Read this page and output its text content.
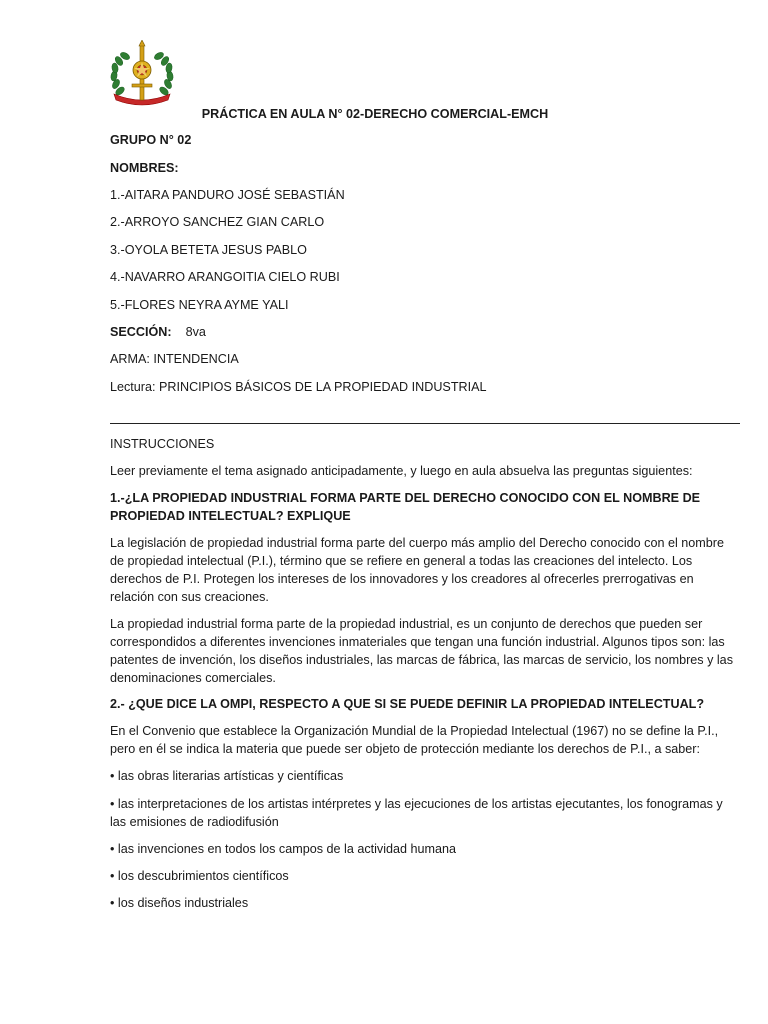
PRÁCTICA EN AULA N° 02-DERECHO COMERCIAL-EMCH
GRUPO N° 02
NOMBRES:
1.-AITARA PANDURO JOSÉ SEBASTIÁN
2.-ARROYO SANCHEZ GIAN CARLO
3.-OYOLA BETETA JESUS PABLO
4.-NAVARRO ARANGOITIA CIELO RUBI
5.-FLORES NEYRA AYME YALI
SECCIÓN: 8va
ARMA: INTENDENCIA
Lectura: PRINCIPIOS BÁSICOS DE LA PROPIEDAD INDUSTRIAL
INSTRUCCIONES
Leer previamente el tema asignado anticipadamente, y luego en aula absuelva las preguntas siguientes:
1.-¿LA PROPIEDAD INDUSTRIAL FORMA PARTE DEL DERECHO CONOCIDO CON EL NOMBRE DE PROPIEDAD INTELECTUAL? EXPLIQUE
La legislación de propiedad industrial forma parte del cuerpo más amplio del Derecho conocido con el nombre de propiedad intelectual (P.I.), término que se refiere en general a todas las creaciones del intelecto. Los derechos de P.I. Protegen los intereses de los innovadores y los creadores al ofrecerles prerrogativas en relación con sus creaciones.
La propiedad industrial forma parte de la propiedad industrial, es un conjunto de derechos que pueden ser correspondidos a diferentes invenciones inmateriales que tengan una función industrial. Algunos tipos son: las patentes de invención, los diseños industriales, las marcas de fábrica, las marcas de servicio, los nombres y las denominaciones comerciales.
2.- ¿QUE DICE LA OMPI, RESPECTO A QUE SI SE PUEDE DEFINIR LA PROPIEDAD INTELECTUAL?
En el Convenio que establece la Organización Mundial de la Propiedad Intelectual (1967) no se define la P.I., pero en él se indica la materia que puede ser objeto de protección mediante los derechos de P.I., a saber:
• las obras literarias artísticas y científicas
• las interpretaciones de los artistas intérpretes y las ejecuciones de los artistas ejecutantes, los fonogramas y las emisiones de radiodifusión
• las invenciones en todos los campos de la actividad humana
• los descubrimientos científicos
• los diseños industriales
